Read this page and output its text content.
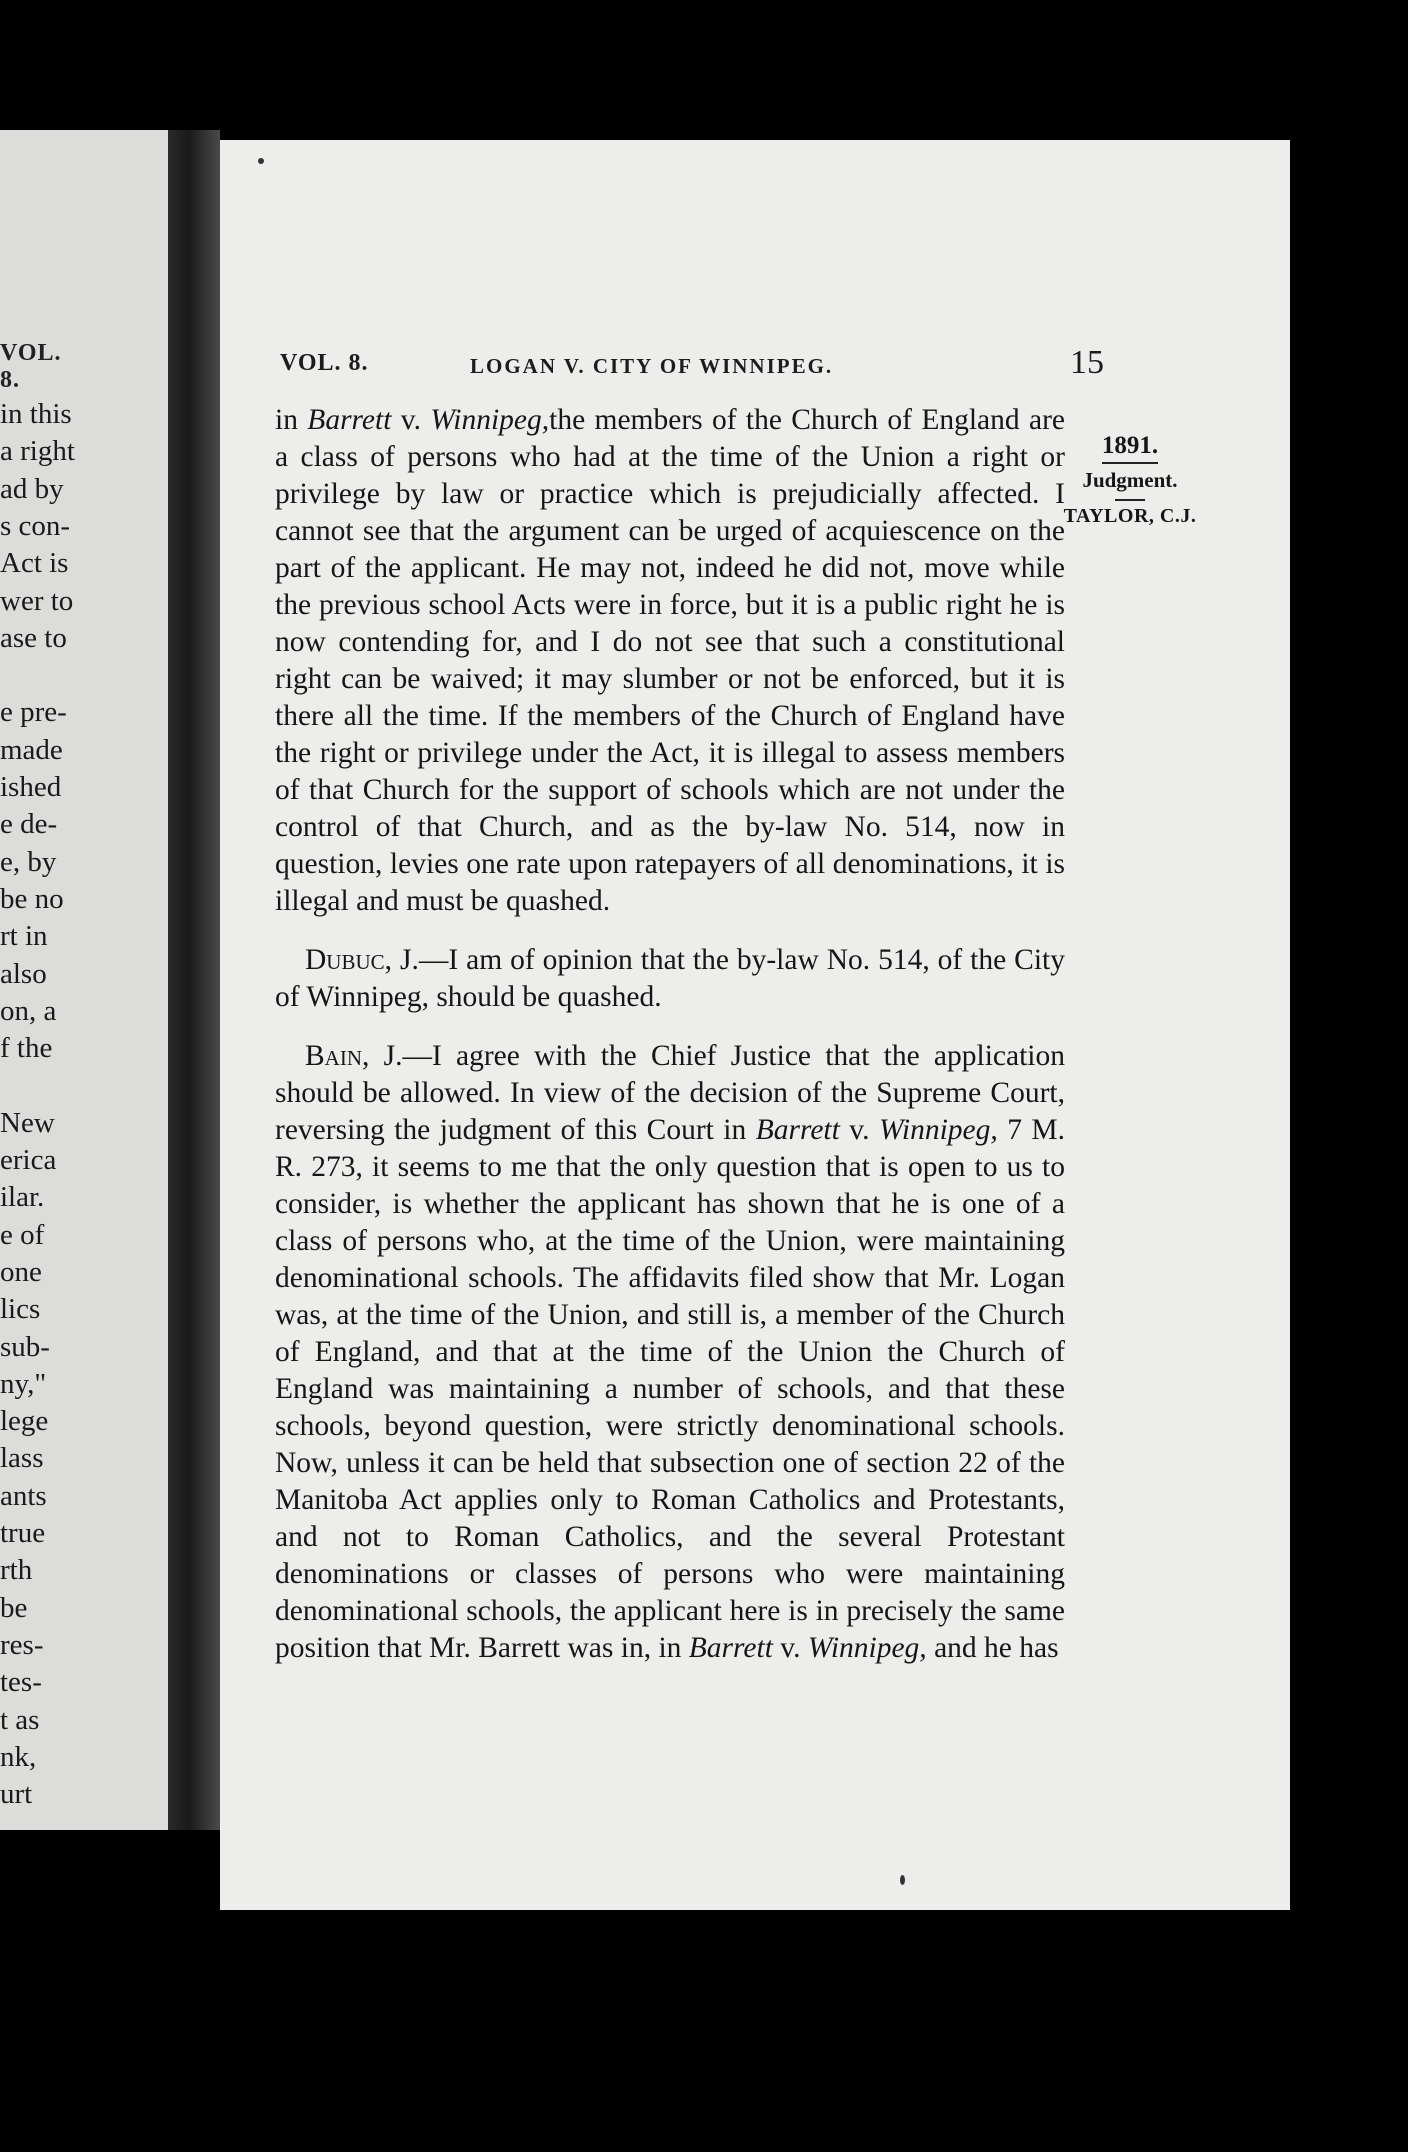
VOL. 8.
in this
a right
ad by
s con-
Act is
wer to
ase to
e pre-
made
ished
e de-
e, by
be no
rt in
also
on, a
f the
New
erica
ilar.
e of
one
lics
sub-
ny,"
lege
lass
ants
true
rth
be
res-
tes-
t as
nk,
urt
VOL. 8.	LOGAN V. CITY OF WINNIPEG.	15
1891.
Judgment.
TAYLOR, C.J.

in Barrett v. Winnipeg,the members of the Church of England are a class of persons who had at the time of the Union a right or privilege by law or practice which is prejudicially affected. I cannot see that the argument can be urged of acquiescence on the part of the applicant. He may not, indeed he did not, move while the previous school Acts were in force, but it is a public right he is now contending for, and I do not see that such a constitutional right can be waived; it may slumber or not be enforced, but it is there all the time. If the members of the Church of England have the right or privilege under the Act, it is illegal to assess members of that Church for the support of schools which are not under the control of that Church, and as the by-law No. 514, now in question, levies one rate upon ratepayers of all denominations, it is illegal and must be quashed.

Dubuc, J.—I am of opinion that the by-law No. 514, of the City of Winnipeg, should be quashed.

Bain, J.—I agree with the Chief Justice that the application should be allowed. In view of the decision of the Supreme Court, reversing the judgment of this Court in Barrett v. Winnipeg, 7 M. R. 273, it seems to me that the only question that is open to us to consider, is whether the applicant has shown that he is one of a class of persons who, at the time of the Union, were maintaining denominational schools. The affidavits filed show that Mr. Logan was, at the time of the Union, and still is, a member of the Church of England, and that at the time of the Union the Church of England was maintaining a number of schools, and that these schools, beyond question, were strictly denominational schools. Now, unless it can be held that subsection one of section 22 of the Manitoba Act applies only to Roman Catholics and Protestants, and not to Roman Catholics, and the several Protestant denominations or classes of persons who were maintaining denominational schools, the applicant here is in precisely the same position that Mr. Barrett was in, in Barrett v. Winnipeg, and he has
